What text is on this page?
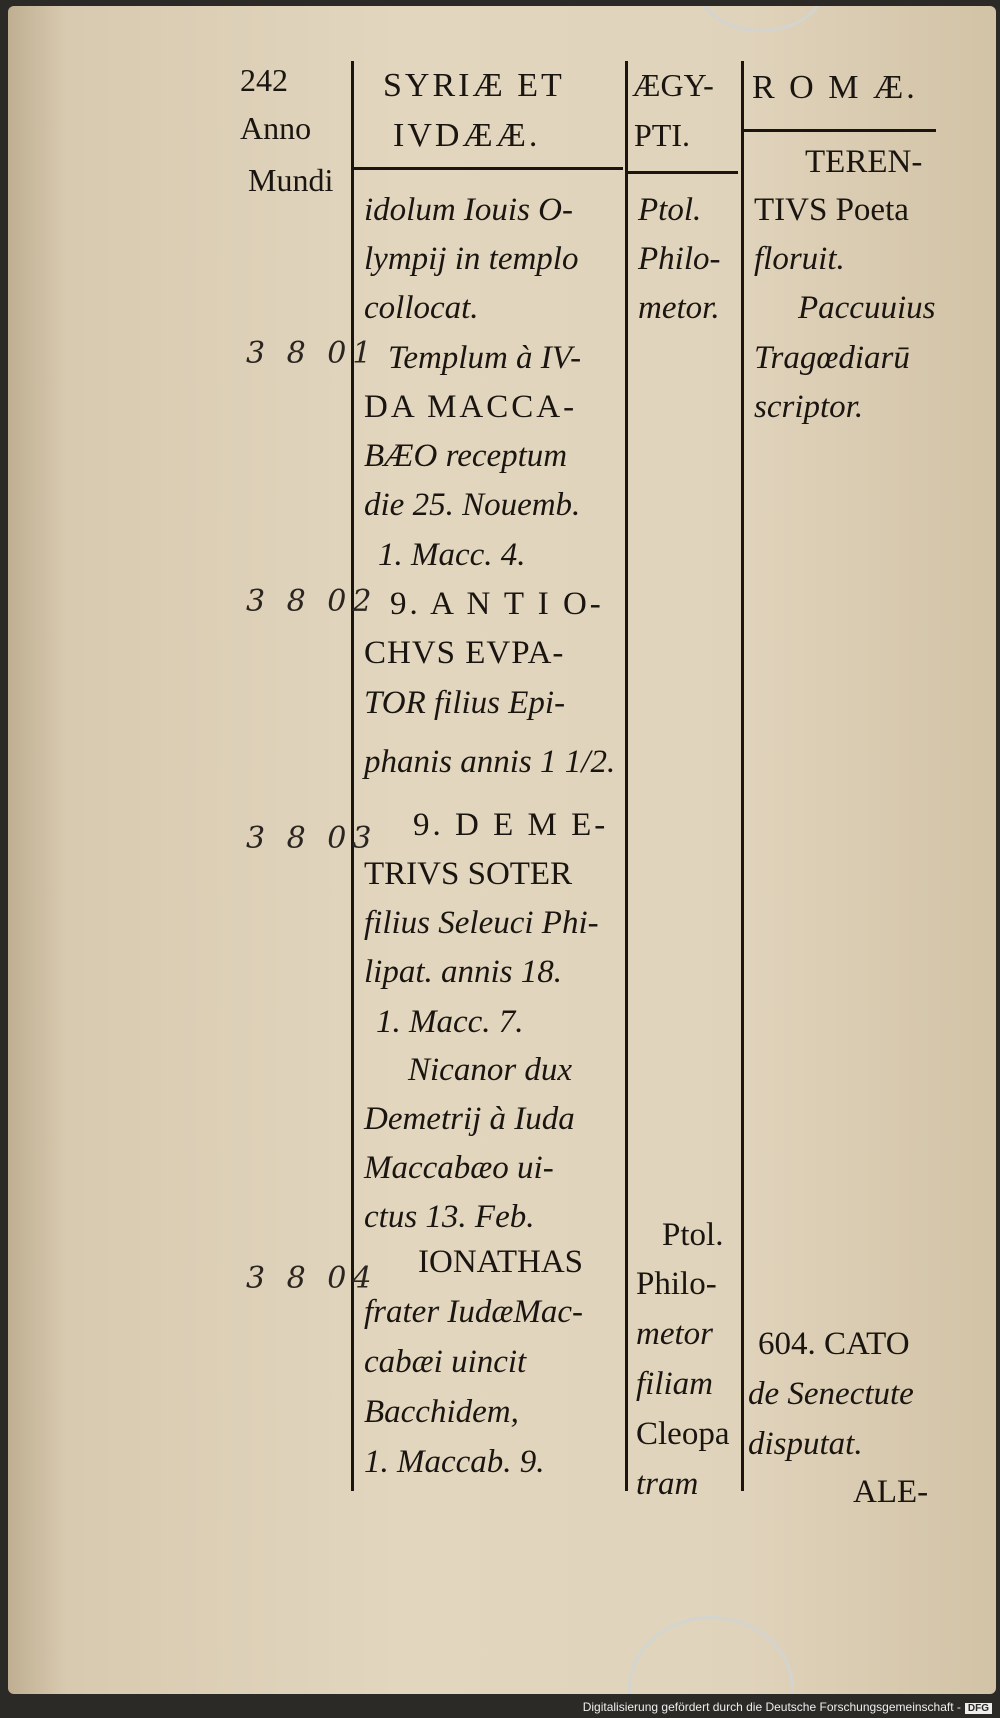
242
Anno
Mundi
SYRIÆ ET
IVDÆÆ.
ÆGY-
PTI.
R O M Æ.
3 8 01
3 8 02
3 8 03
3 8 04
idolum Iouis O-
lympij in templo
collocat.
Templum à IV-
DA MACCA-
BÆO receptum
die 25. Nouemb.
1. Macc. 4.
9. A N T I O-
CHVS EVPA-
TOR filius Epi-
phanis annis 1 1/2.
9. D E M E-
TRIVS SOTER
filius Seleuci Phi-
lipat. annis 18.
1. Macc. 7.
Nicanor dux
Demetrij à Iuda
Maccabæo ui-
ctus 13. Feb.
IONATHAS
frater IudæMac-
cabæi uincit
Bacchidem,
1. Maccab. 9.
Ptol.
Philo-
metor.
Ptol.
Philo-
metor
filiam
Cleopa
tram
TEREN-
TIVS Poeta
floruit.
Paccuuius
Tragœdiarū
scriptor.
604. CATO
de Senectute
disputat.
ALE-
Digitalisierung gefördert durch die Deutsche Forschungsgemeinschaft - DFG
